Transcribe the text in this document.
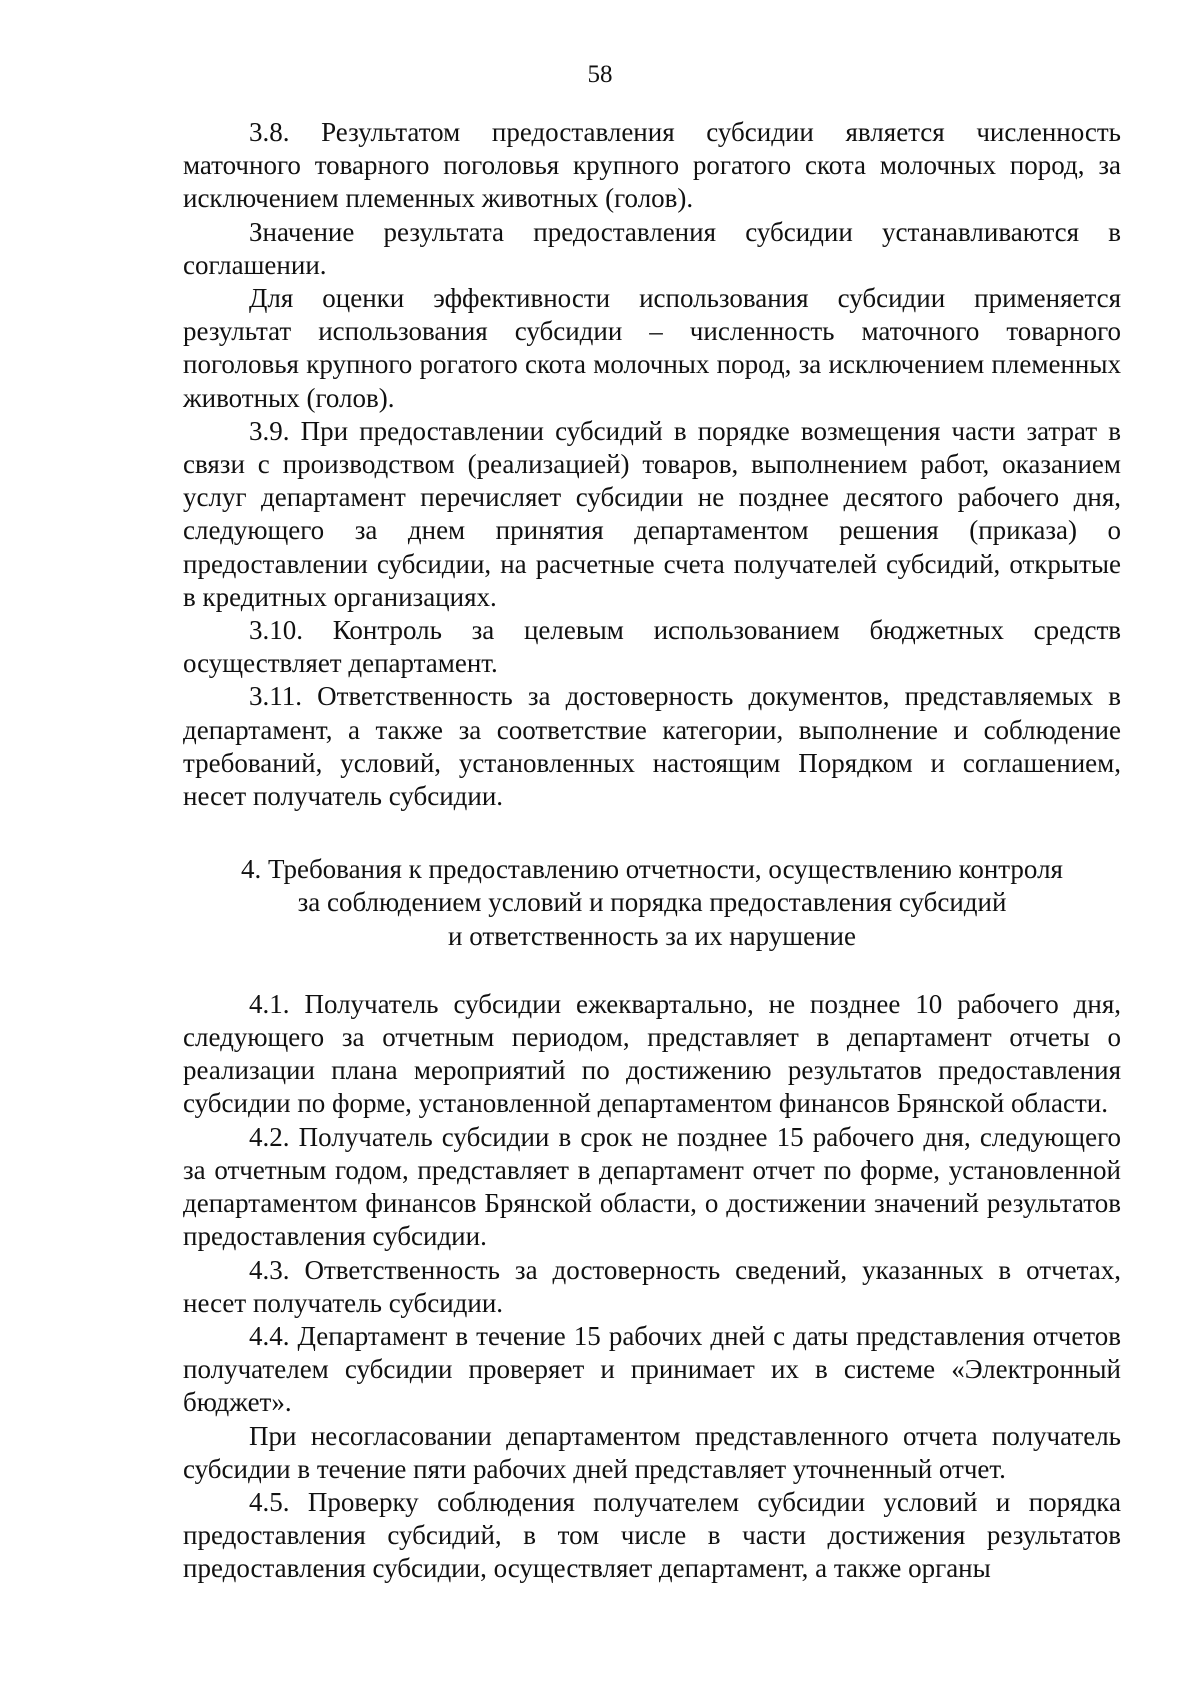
58

3.8. Результатом предоставления субсидии является численность маточного товарного поголовья крупного рогатого скота молочных пород, за исключением племенных животных (голов).

Значение результата предоставления субсидии устанавливаются в соглашении.

Для оценки эффективности использования субсидии применяется результат использования субсидии – численность маточного товарного поголовья крупного рогатого скота молочных пород, за исключением племенных животных (голов).

3.9. При предоставлении субсидий в порядке возмещения части затрат в связи с производством (реализацией) товаров, выполнением работ, оказанием услуг департамент перечисляет субсидии не позднее десятого рабочего дня, следующего за днем принятия департаментом решения (приказа) о предоставлении субсидии, на расчетные счета получателей субсидий, открытые в кредитных организациях.

3.10. Контроль за целевым использованием бюджетных средств осуществляет департамент.

3.11. Ответственность за достоверность документов, представляемых в департамент, а также за соответствие категории, выполнение и соблюдение требований, условий, установленных настоящим Порядком и соглашением, несет получатель субсидии.

4. Требования к предоставлению отчетности, осуществлению контроля
за соблюдением условий и порядка предоставления субсидий
и ответственность за их нарушение

4.1. Получатель субсидии ежеквартально, не позднее 10 рабочего дня, следующего за отчетным периодом, представляет в департамент отчеты о реализации плана мероприятий по достижению результатов предоставления субсидии по форме, установленной департаментом финансов Брянской области.

4.2. Получатель субсидии в срок не позднее 15 рабочего дня, следующего за отчетным годом, представляет в департамент отчет по форме, установленной департаментом финансов Брянской области, о достижении значений результатов предоставления субсидии.

4.3. Ответственность за достоверность сведений, указанных в отчетах, несет получатель субсидии.

4.4. Департамент в течение 15 рабочих дней с даты представления отчетов получателем субсидии проверяет и принимает их в системе «Электронный бюджет».

При несогласовании департаментом представленного отчета получатель субсидии в течение пяти рабочих дней представляет уточненный отчет.

4.5. Проверку соблюдения получателем субсидии условий и порядка предоставления субсидий, в том числе в части достижения результатов предоставления субсидии, осуществляет департамент, а также органы
